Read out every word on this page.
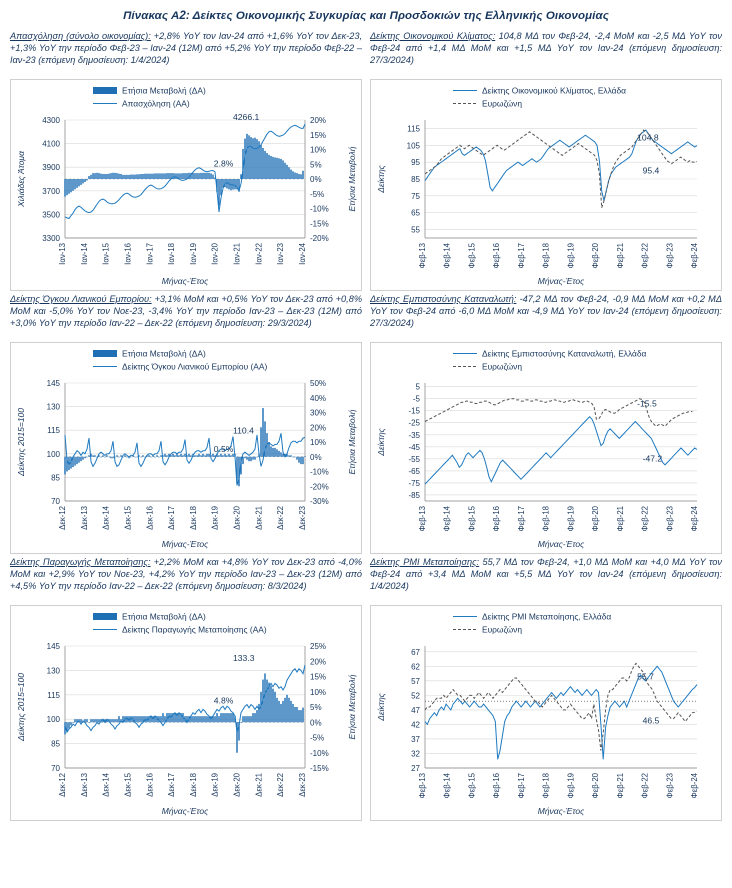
Πίνακας Α2: Δείκτες Οικονομικής Συγκυρίας και Προσδοκιών της Ελληνικής Οικονομίας
Απασχόληση (σύνολο οικονομίας): +2,8% YoY τον Ιαν-24 από +1,6% YoY τον Δεκ-23, +1,3% YoY την περίοδο Φεβ-23 – Ιαν-24 (12Μ) από +5,2% YoY την περίοδο Φεβ-22 – Ιαν-23 (επόμενη δημοσίευση: 1/4/2024)
3300
3500
3700
3900
4100
4300	20%
15%
10%
5%
0%
-5%
-10%
-15%
-20%
Μήνας-Έτος
Χιλιάδες Άτομα	Ετήσια Μεταβολή
Ιαν-13 Ιαν-14 Ιαν-15 Ιαν-16 Ιαν-17 Ιαν-18 Ιαν-19 Ιαν-20 Ιαν-21 Ιαν-22 Ιαν-23 Ιαν-24
Ετήσια Μεταβολή (ΔΑ)
Απασχόληση (ΑΑ)
4266.1
2.8%
Δείκτης Οικονομικού Κλίματος: 104,8 ΜΔ τον Φεβ-24, -2,4 ΜοΜ και -2,5 ΜΔ YoY τον Φεβ-24 από +1,4 ΜΔ ΜοΜ και +1,5 ΜΔ YoY τον Ιαν-24 (επόμενη δημοσίευση: 27/3/2024)
55
65
75
85
95
105
115
Μήνας-Έτος
Δείκτης
Φεβ-13 Φεβ-14 Φεβ-15 Φεβ-16 Φεβ-17 Φεβ-18 Φεβ-19 Φεβ-20 Φεβ-21 Φεβ-22 Φεβ-23 Φεβ-24
Δείκτης Οικονομικού Κλίματος, Ελλάδα
Ευρωζώνη
104.8
95.4
Δείκτης Όγκου Λιανικού Εμπορίου: +3,1% ΜοΜ και +0,5% YoY τον Δεκ-23 από +0,8% ΜοΜ και -5,0% YoY τον Νοε-23, -3,4% YoY την περίοδο Ιαν-23 – Δεκ-23 (12Μ) από +3,0% YoY την περίοδο Ιαν-22 – Δεκ-22 (επόμενη δημοσίευση: 29/3/2024)
70
85
100
115
130
145	50%
40%
30%
20%
10%
0%
-10%
-20%
-30%
Μήνας-Έτος
Δείκτης 2015=100	Ετήσια Μεταβολή
Δεκ-12 Δεκ-13 Δεκ-14 Δεκ-15 Δεκ-16 Δεκ-17 Δεκ-18 Δεκ-19 Δεκ-20 Δεκ-21 Δεκ-22 Δεκ-23
Ετήσια Μεταβολή (ΔΑ)
Δείκτης Όγκου Λιανικού Εμπορίου (ΑΑ)
110.4
0.5%
Δείκτης Εμπιστοσύνης Καταναλωτή: -47,2 ΜΔ τον Φεβ-24, -0,9 ΜΔ ΜοΜ και +0,2 ΜΔ YoY τον Φεβ-24 από -6,0 ΜΔ ΜοΜ και -4,9 ΜΔ YoY τον Ιαν-24 (επόμενη δημοσίευση: 27/3/2024)
5
-5
-15
-25
-35
-45
-55
-65
-75
-85
Μήνας-Έτος
Δείκτης
Φεβ-13 Φεβ-14 Φεβ-15 Φεβ-16 Φεβ-17 Φεβ-18 Φεβ-19 Φεβ-20 Φεβ-21 Φεβ-22 Φεβ-23 Φεβ-24
Δείκτης Εμπιστοσύνης Καταναλωτή, Ελλάδα
Ευρωζώνη
-15.5
-47.2
Δείκτης Παραγωγής Μεταποίησης: +2,2% ΜοΜ και +4,8% YoY τον Δεκ-23 από -4,0% ΜοΜ και +2,9% YoY τον Νοε-23, +4,2% YoY την περίοδο Ιαν-23 – Δεκ-23 (12Μ) από +4,5% YoY την περίοδο Ιαν-22 – Δεκ-22 (επόμενη δημοσίευση: 8/3/2024)
70
85
100
115
130
145	25%
20%
15%
10%
5%
0%
-5%
-10%
-15%
Μήνας-Έτος
Δείκτης 2015=100	Ετήσια Μεταβολή
Δεκ-12 Δεκ-13 Δεκ-14 Δεκ-15 Δεκ-16 Δεκ-17 Δεκ-18 Δεκ-19 Δεκ-20 Δεκ-21 Δεκ-22 Δεκ-23
Ετήσια Μεταβολή (ΔΑ)
Δείκτης Παραγωγής Μεταποίησης (ΑΑ)
133.3
4.8%
Δείκτης PMI Μεταποίησης: 55,7 ΜΔ τον Φεβ-24, +1,0 ΜΔ ΜοΜ και +4,0 ΜΔ YoY τον Φεβ-24 από +3,4 ΜΔ ΜοΜ και +5,5 ΜΔ YoY τον Ιαν-24 (επόμενη δημοσίευση: 1/4/2024)
67
62
57
52
47
42
37
32
27
Μήνας-Έτος
Δείκτης
Φεβ-13 Φεβ-14 Φεβ-15 Φεβ-16 Φεβ-17 Φεβ-18 Φεβ-19 Φεβ-20 Φεβ-21 Φεβ-22 Φεβ-23 Φεβ-24
Δείκτης PMI Μεταποίησης, Ελλάδα
Ευρωζώνη
55.7
46.5
